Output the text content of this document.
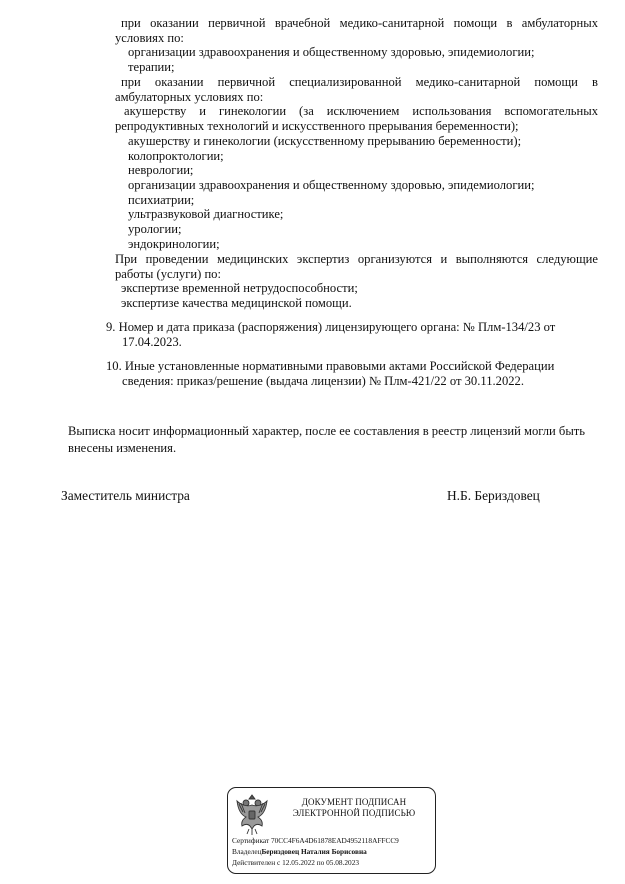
при оказании первичной врачебной медико-санитарной помощи в амбулаторных

условиях по:

организации здравоохранения и общественному здоровью, эпидемиологии;

терапии;

при оказании первичной специализированной медико-санитарной помощи в

амбулаторных условиях по:

акушерству и гинекологии (за исключением использования вспомогательных

репродуктивных технологий и искусственного прерывания беременности);

акушерству и гинекологии (искусственному прерыванию беременности);

колопроктологии;

неврологии;

организации здравоохранения и общественному здоровью, эпидемиологии;

психиатрии;

ультразвуковой диагностике;

урологии;

эндокринологии;

При проведении медицинских экспертиз организуются и выполняются следующие

работы (услуги) по:

экспертизе временной нетрудоспособности;

экспертизе качества медицинской помощи.

9. Номер и дата приказа (распоряжения) лицензирующего органа: № Плм-134/23 от

17.04.2023.

10. Иные установленные нормативными правовыми актами Российской Федерации

сведения: приказ/решение (выдача лицензии) № Плм-421/22 от 30.11.2022.

Выписка носит информационный характер, после ее составления в реестр лицензий могли быть

внесены изменения.

Заместитель министра	Н.Б. Бериздовец
ДОКУМЕНТ ПОДПИСАН
ЭЛЕКТРОННОЙ ПОДПИСЬЮ

Сертификат 70CC4F6A4D61878EAD4952118AFFCC9

ВладелецБериздовец Наталия Борисовна

Действителен с 12.05.2022 по 05.08.2023
